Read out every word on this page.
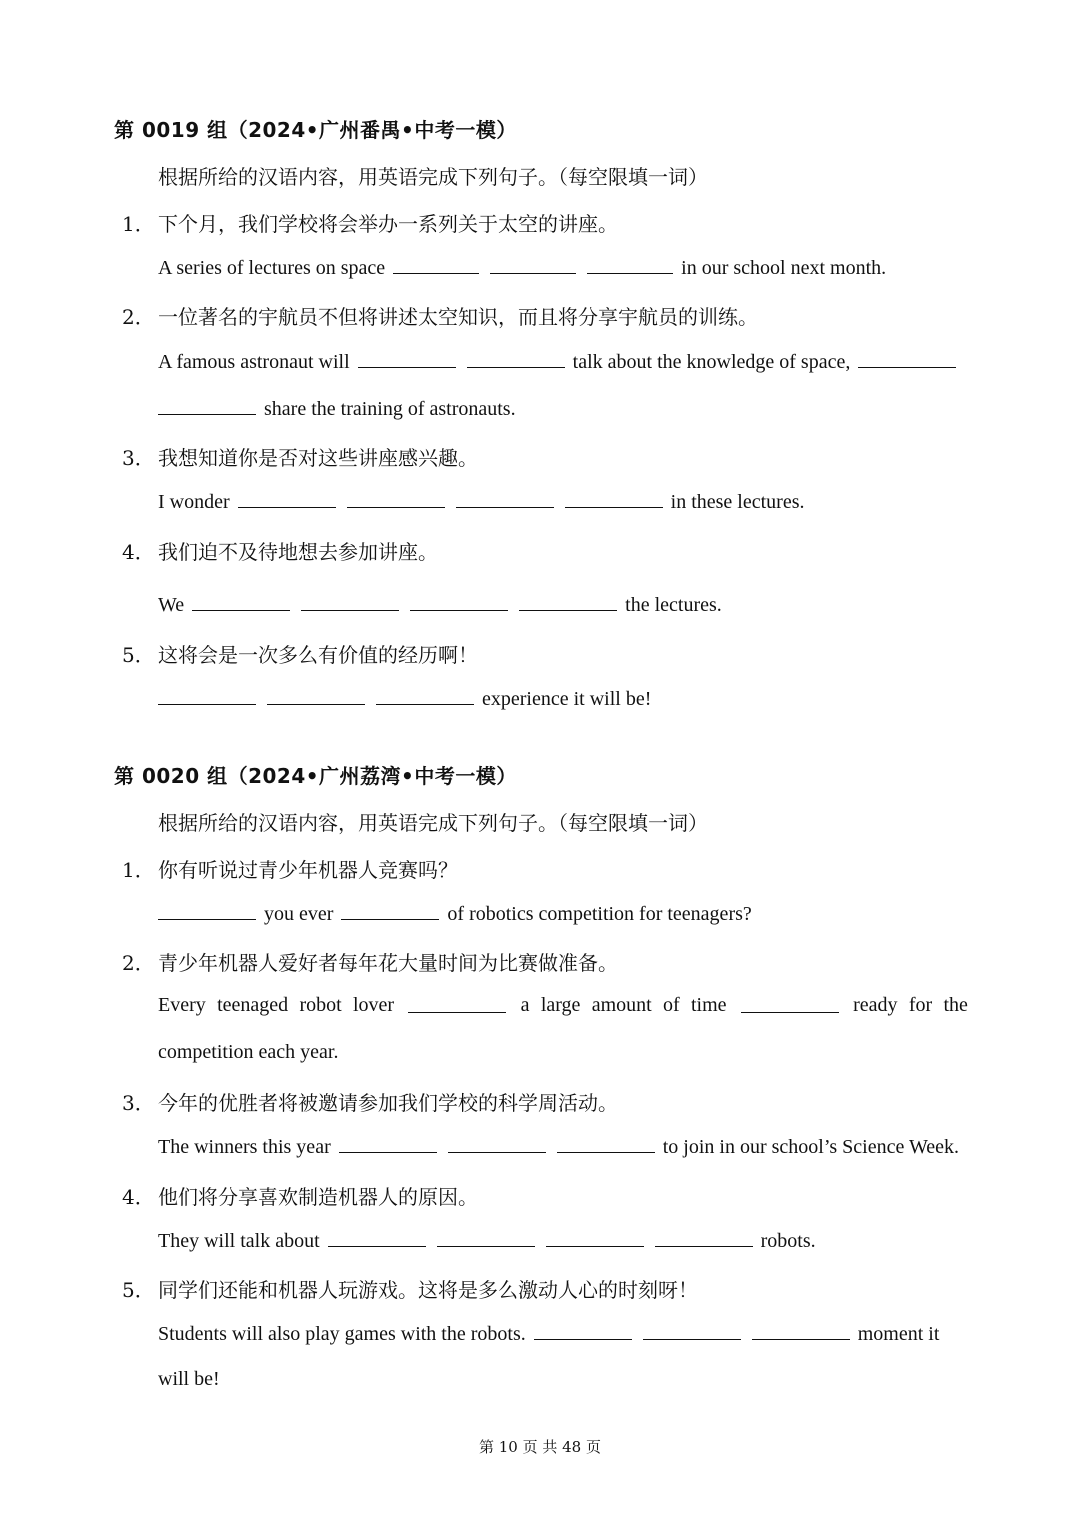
第 0019 组（2024•广州番禺•中考一模）
根据所给的汉语内容，用英语完成下列句子。（每空限填一词）
1． 下个月，我们学校将会举办一系列关于太空的讲座。
A series of lectures on space	in our school next month.
2． 一位著名的宇航员不但将讲述太空知识，而且将分享宇航员的训练。
A famous astronaut will	talk about the knowledge of space,
share the training of astronauts.
3． 我想知道你是否对这些讲座感兴趣。
I wonder	in these lectures.
4． 我们迫不及待地想去参加讲座。
We	the lectures.
5． 这将会是一次多么有价值的经历啊！
experience it will be!
第 0020 组（2024•广州荔湾•中考一模）
根据所给的汉语内容，用英语完成下列句子。（每空限填一词）
1． 你有听说过青少年机器人竞赛吗？
you ever	of robotics competition for teenagers?
2． 青少年机器人爱好者每年花大量时间为比赛做准备。
Every teenaged robot lover	a large amount of time	ready for the
competition each year.
3． 今年的优胜者将被邀请参加我们学校的科学周活动。
The winners this year	to join in our school’s Science Week.
4． 他们将分享喜欢制造机器人的原因。
They will talk about	robots.
5． 同学们还能和机器人玩游戏。这将是多么激动人心的时刻呀！
Students will also play games with the robots.	moment it
will be!
第 10 页 共 48 页
